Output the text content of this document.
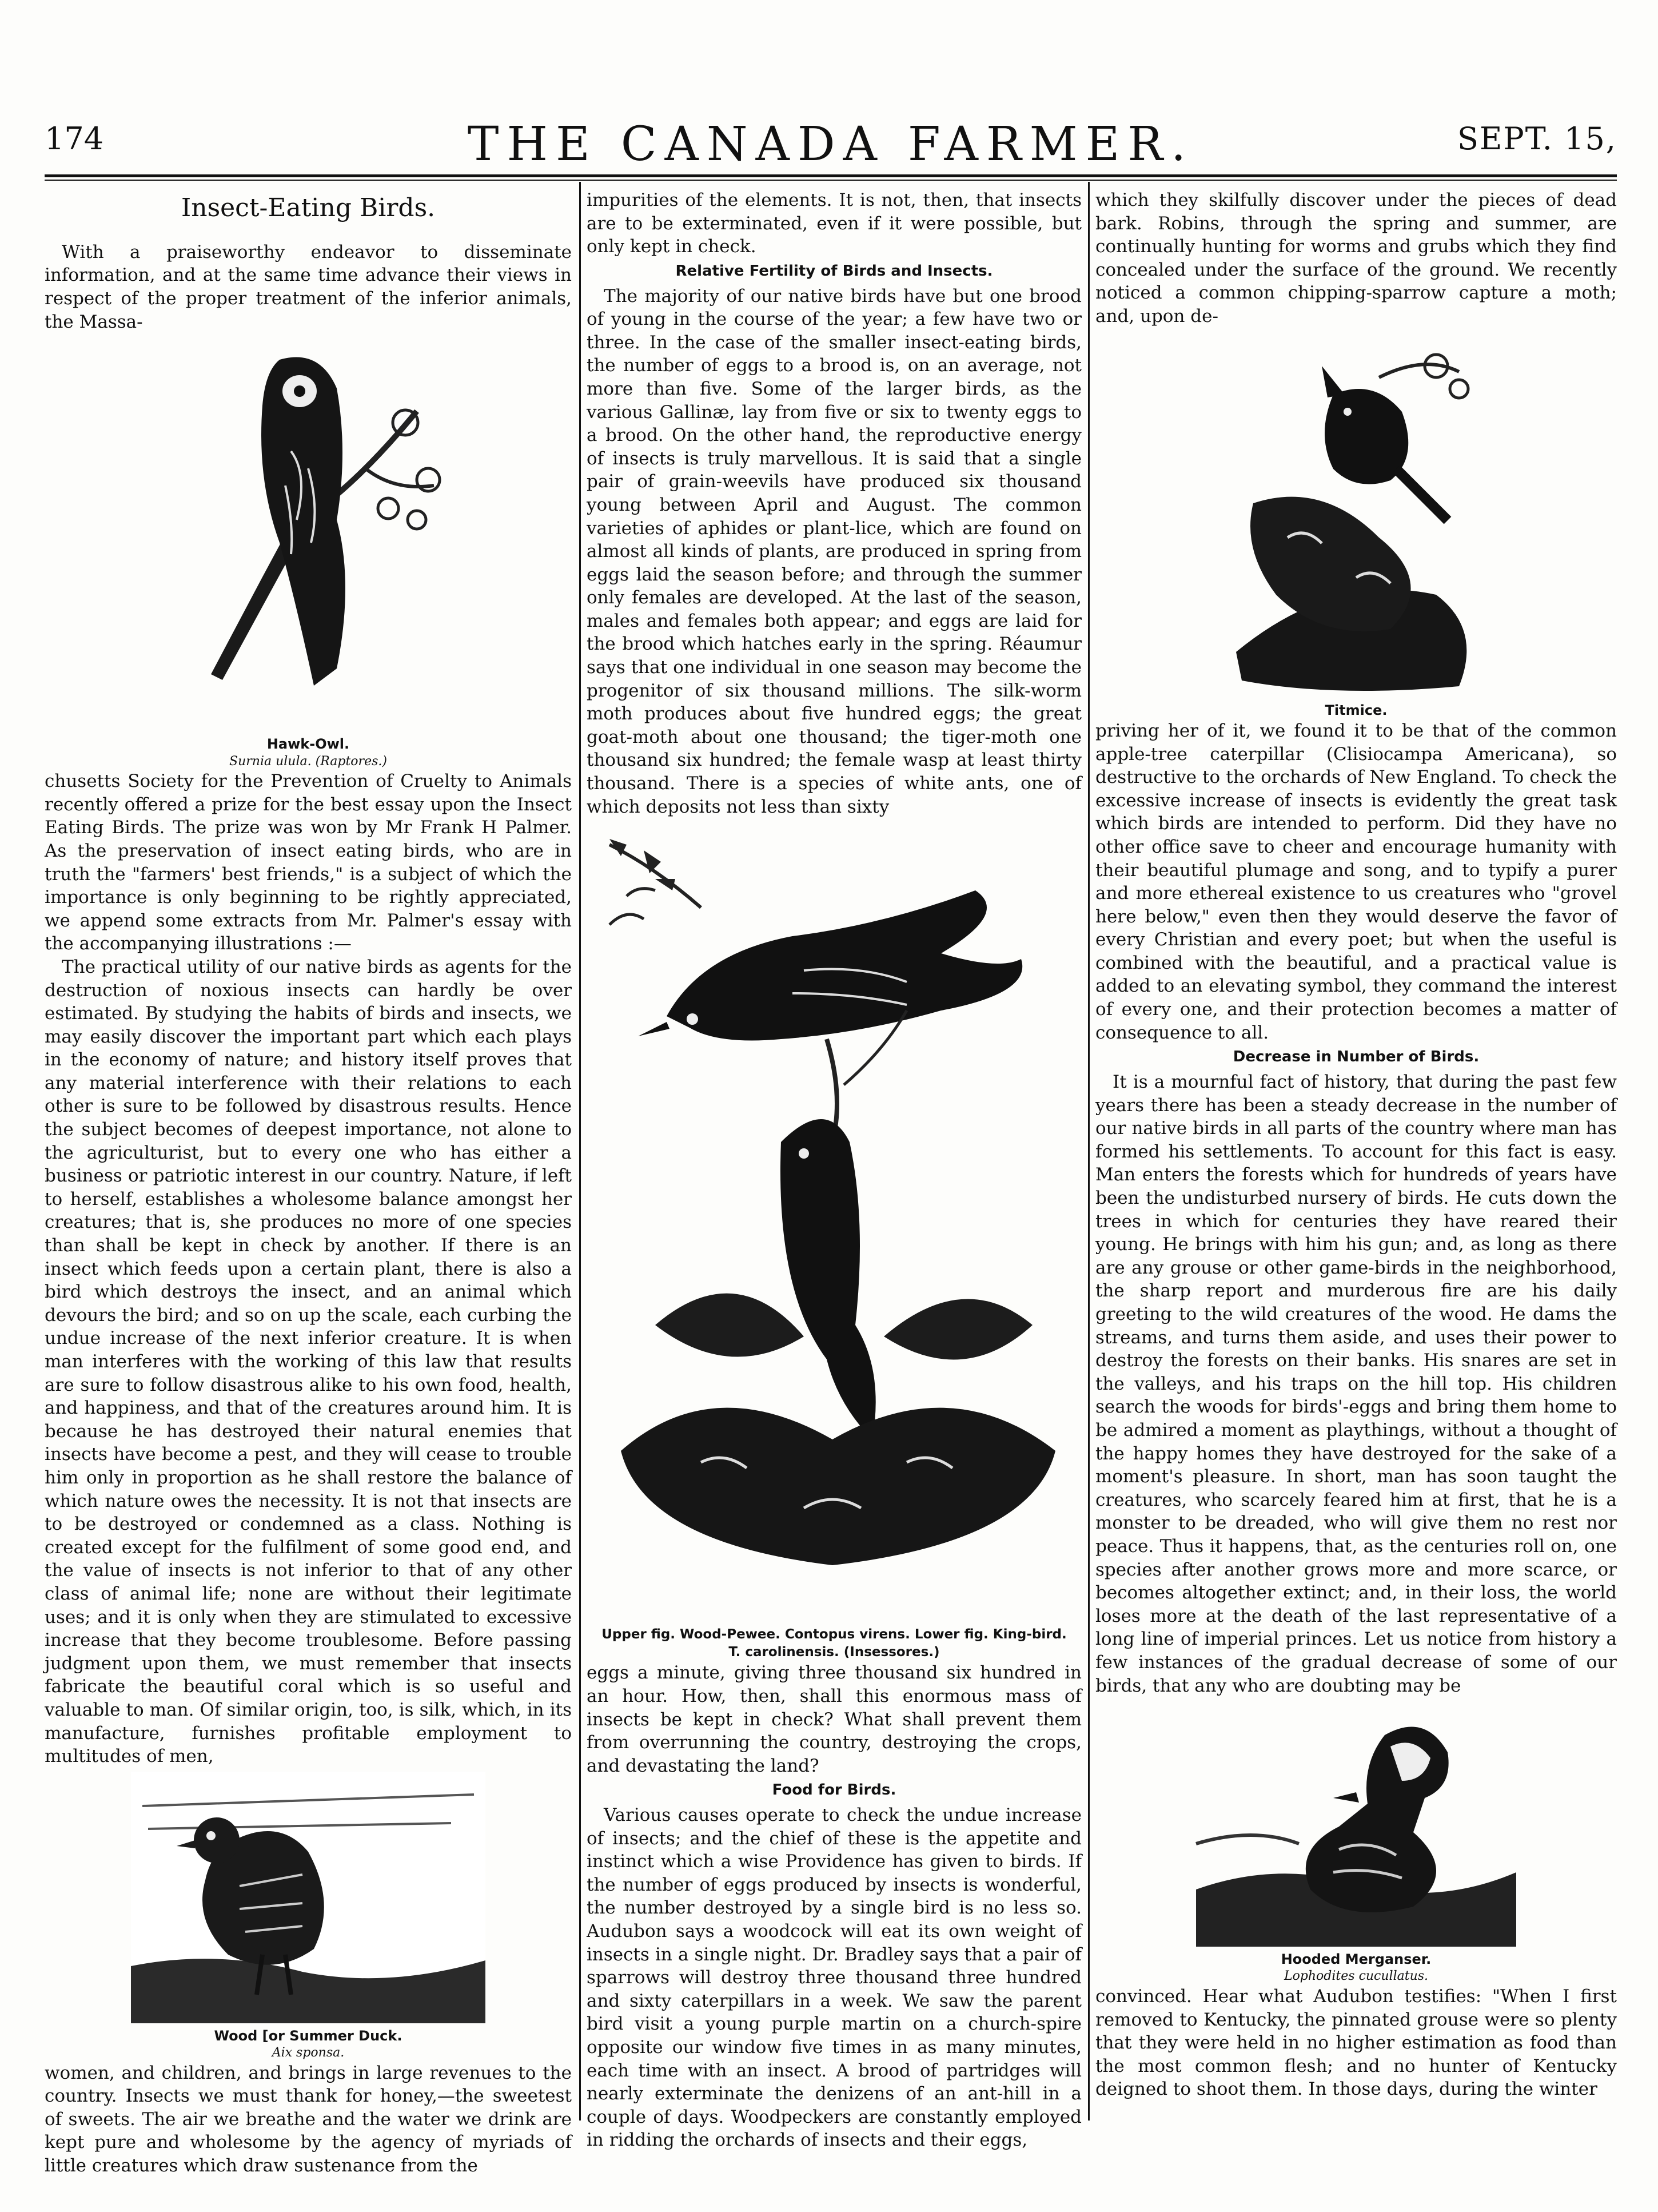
174	THE CANADA FARMER.	SEPT. 15,
Insect-Eating Birds.

With a praiseworthy endeavor to disseminate information, and at the same time advance their views in respect of the proper treatment of the inferior animals, the Massa-

Hawk-Owl.
Surnia ulula. (Raptores.)

chusetts Society for the Prevention of Cruelty to Animals recently offered a prize for the best essay upon the Insect Eating Birds. The prize was won by Mr Frank H Palmer. As the preservation of insect eating birds, who are in truth the "farmers' best friends," is a subject of which the importance is only beginning to be rightly appreciated, we append some extracts from Mr. Palmer's essay with the accompanying illustrations :—

The practical utility of our native birds as agents for the destruction of noxious insects can hardly be over estimated. By studying the habits of birds and insects, we may easily discover the important part which each plays in the economy of nature; and history itself proves that any material interference with their relations to each other is sure to be followed by disastrous results. Hence the subject becomes of deepest importance, not alone to the agriculturist, but to every one who has either a business or patriotic interest in our country. Nature, if left to herself, establishes a wholesome balance amongst her creatures; that is, she produces no more of one species than shall be kept in check by another. If there is an insect which feeds upon a certain plant, there is also a bird which destroys the insect, and an animal which devours the bird; and so on up the scale, each curbing the undue increase of the next inferior creature. It is when man interferes with the working of this law that results are sure to follow disastrous alike to his own food, health, and happiness, and that of the creatures around him. It is because he has destroyed their natural enemies that insects have become a pest, and they will cease to trouble him only in proportion as he shall restore the balance of which nature owes the necessity. It is not that insects are to be destroyed or condemned as a class. Nothing is created except for the fulfilment of some good end, and the value of insects is not inferior to that of any other class of animal life; none are without their legitimate uses; and it is only when they are stimulated to excessive increase that they become troublesome. Before passing judgment upon them, we must remember that insects fabricate the beautiful coral which is so useful and valuable to man. Of similar origin, too, is silk, which, in its manufacture, furnishes profitable employment to multitudes of men,

Wood [or Summer Duck.
Aix sponsa.

women, and children, and brings in large revenues to the country. Insects we must thank for honey,—the sweetest of sweets. The air we breathe and the water we drink are kept pure and wholesome by the agency of myriads of little creatures which draw sustenance from the

impurities of the elements. It is not, then, that insects are to be exterminated, even if it were possible, but only kept in check.

Relative Fertility of Birds and Insects.

The majority of our native birds have but one brood of young in the course of the year; a few have two or three. In the case of the smaller insect-eating birds, the number of eggs to a brood is, on an average, not more than five. Some of the larger birds, as the various Gallinæ, lay from five or six to twenty eggs to a brood. On the other hand, the reproductive energy of insects is truly marvellous. It is said that a single pair of grain-weevils have produced six thousand young between April and August. The common varieties of aphides or plant-lice, which are found on almost all kinds of plants, are produced in spring from eggs laid the season before; and through the summer only females are developed. At the last of the season, males and females both appear; and eggs are laid for the brood which hatches early in the spring. Réaumur says that one individual in one season may become the progenitor of six thousand millions. The silk-worm moth produces about five hundred eggs; the great goat-moth about one thousand; the tiger-moth one thousand six hundred; the female wasp at least thirty thousand. There is a species of white ants, one of which deposits not less than sixty

Upper fig. Wood-Pewee. Contopus virens. Lower fig. King-bird. T. carolinensis. (Insessores.)

eggs a minute, giving three thousand six hundred in an hour. How, then, shall this enormous mass of insects be kept in check? What shall prevent them from overrunning the country, destroying the crops, and devastating the land?

Food for Birds.

Various causes operate to check the undue increase of insects; and the chief of these is the appetite and instinct which a wise Providence has given to birds. If the number of eggs produced by insects is wonderful, the number destroyed by a single bird is no less so. Audubon says a woodcock will eat its own weight of insects in a single night. Dr. Bradley says that a pair of sparrows will destroy three thousand three hundred and sixty caterpillars in a week. We saw the parent bird visit a young purple martin on a church-spire opposite our window five times in as many minutes, each time with an insect. A brood of partridges will nearly exterminate the denizens of an ant-hill in a couple of days. Woodpeckers are constantly employed in ridding the orchards of insects and their eggs,

which they skilfully discover under the pieces of dead bark. Robins, through the spring and summer, are continually hunting for worms and grubs which they find concealed under the surface of the ground. We recently noticed a common chipping-sparrow capture a moth; and, upon de-

Titmice.

priving her of it, we found it to be that of the common apple-tree caterpillar (Clisiocampa Americana), so destructive to the orchards of New England. To check the excessive increase of insects is evidently the great task which birds are intended to perform. Did they have no other office save to cheer and encourage humanity with their beautiful plumage and song, and to typify a purer and more ethereal existence to us creatures who "grovel here below," even then they would deserve the favor of every Christian and every poet; but when the useful is combined with the beautiful, and a practical value is added to an elevating symbol, they command the interest of every one, and their protection becomes a matter of consequence to all.

Decrease in Number of Birds.

It is a mournful fact of history, that during the past few years there has been a steady decrease in the number of our native birds in all parts of the country where man has formed his settlements. To account for this fact is easy. Man enters the forests which for hundreds of years have been the undisturbed nursery of birds. He cuts down the trees in which for centuries they have reared their young. He brings with him his gun; and, as long as there are any grouse or other game-birds in the neighborhood, the sharp report and murderous fire are his daily greeting to the wild creatures of the wood. He dams the streams, and turns them aside, and uses their power to destroy the forests on their banks. His snares are set in the valleys, and his traps on the hill top. His children search the woods for birds'-eggs and bring them home to be admired a moment as playthings, without a thought of the happy homes they have destroyed for the sake of a moment's pleasure. In short, man has soon taught the creatures, who scarcely feared him at first, that he is a monster to be dreaded, who will give them no rest nor peace. Thus it happens, that, as the centuries roll on, one species after another grows more and more scarce, or becomes altogether extinct; and, in their loss, the world loses more at the death of the last representative of a long line of imperial princes. Let us notice from history a few instances of the gradual decrease of some of our birds, that any who are doubting may be

Hooded Merganser.
Lophodites cucullatus.

convinced. Hear what Audubon testifies: "When I first removed to Kentucky, the pinnated grouse were so plenty that they were held in no higher estimation as food than the most common flesh; and no hunter of Kentucky deigned to shoot them. In those days, during the winter
